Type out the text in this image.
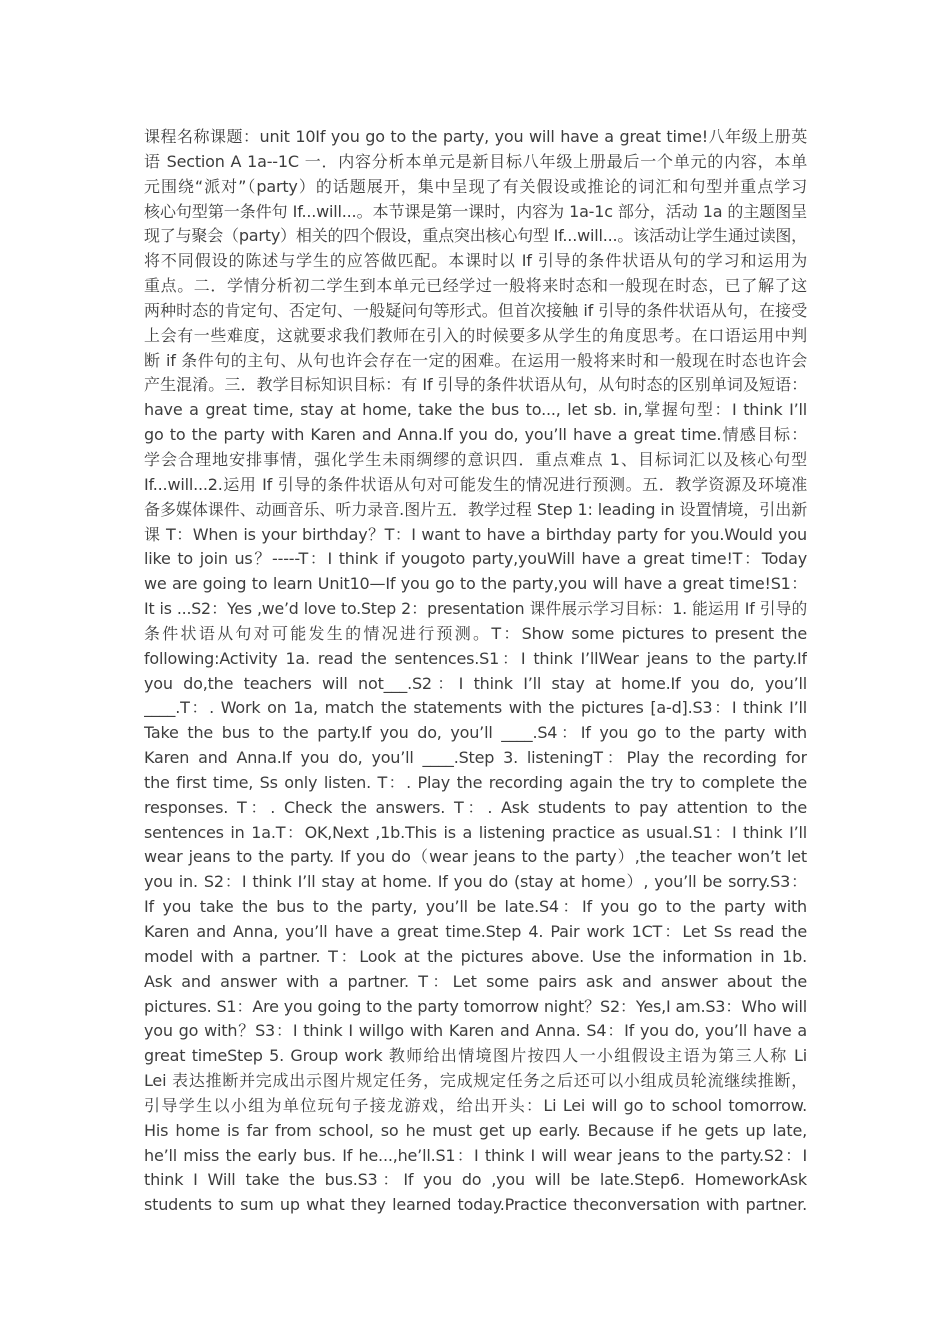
课程名称课题：unit 10If you go to the party, you will have a great time!八年级上册英
语 Section A 1a--1C 一．内容分析本单元是新目标八年级上册最后一个单元的内容，本单
元围绕“派对”（party）的话题展开，集中呈现了有关假设或推论的词汇和句型并重点学习
核心句型第一条件句 If...will...。本节课是第一课时，内容为 1a-1c 部分，活动 1a 的主题图呈
现了与聚会（party）相关的四个假设，重点突出核心句型 If...will...。该活动让学生通过读图，
将不同假设的陈述与学生的应答做匹配。本课时以 If 引导的条件状语从句的学习和运用为
重点。二．学情分析初二学生到本单元已经学过一般将来时态和一般现在时态，已了解了这
两种时态的肯定句、否定句、一般疑问句等形式。但首次接触 if 引导的条件状语从句，在接受
上会有一些难度，这就要求我们教师在引入的时候要多从学生的角度思考。在口语运用中判
断 if 条件句的主句、从句也许会存在一定的困难。在运用一般将来时和一般现在时态也许会
产生混淆。三．教学目标知识目标：有 If 引导的条件状语从句，从句时态的区别单词及短语：
have a great time, stay at home, take the bus to..., let sb. in,掌握句型：I think I’ll
go to the party with Karen and Anna.If you do, you’ll have a great time.情感目标：
学会合理地安排事情，强化学生未雨绸缪的意识四．重点难点 1、目标词汇以及核心句型
If...will...2.运用 If 引导的条件状语从句对可能发生的情况进行预测。五．教学资源及环境准
备多媒体课件、动画音乐、听力录音.图片五．教学过程 Step 1: leading in 设置情境，引出新
课 T：When is your birthday？T：I want to have a birthday party for you.Would you
like to join us？-----T：I think if yougoto party,youWill have a great time!T：Today
we are going to learn Unit10—If you go to the party,you will have a great time!S1：
It is ...S2：Yes ,we’d love to.Step 2：presentation 课件展示学习目标：1. 能运用 If 引导的
条件状语从句对可能发生的情况进行预测。T：Show some pictures to present the
following:Activity 1a. read the sentences.S1：I think I’llWear jeans to the party.If
you do,the teachers will not___.S2：I think I’ll stay at home.If you do, you’ll
____.T：. Work on 1a, match the statements with the pictures [a-d].S3：I think I’ll
Take the bus to the party.If you do, you’ll ____.S4：If you go to the party with
Karen and Anna.If you do, you’ll ____.Step 3. listeningT：Play the recording for
the first time, Ss only listen. T：. Play the recording again the try to complete the
responses. T：. Check the answers. T：. Ask students to pay attention to the
sentences in 1a.T：OK,Next ,1b.This is a listening practice as usual.S1：I think I’ll
wear jeans to the party. If you do（wear jeans to the party）,the teacher won’t let
you in. S2：I think I’ll stay at home. If you do (stay at home）, you’ll be sorry.S3：
If you take the bus to the party, you’ll be late.S4：If you go to the party with
Karen and Anna, you’ll have a great time.Step 4. Pair work 1CT：Let Ss read the
model with a partner. T：Look at the pictures above. Use the information in 1b.
Ask and answer with a partner. T：Let some pairs ask and answer about the
pictures. S1：Are you going to the party tomorrow night？S2：Yes,I am.S3：Who will
you go with？S3：I think I willgo with Karen and Anna. S4：If you do, you’ll have a
great timeStep 5. Group work 教师给出情境图片按四人一小组假设主语为第三人称 Li
Lei 表达推断并完成出示图片规定任务，完成规定任务之后还可以小组成员轮流继续推断，
引导学生以小组为单位玩句子接龙游戏，给出开头：Li Lei will go to school tomorrow.
His home is far from school, so he must get up early. Because if he gets up late,
he’ll miss the early bus. If he...,he’ll.S1：I think I will wear jeans to the party.S2：I
think I Will take the bus.S3：If you do ,you will be late.Step6. HomeworkAsk
students to sum up what they learned today.Practice theconversation with partner.
